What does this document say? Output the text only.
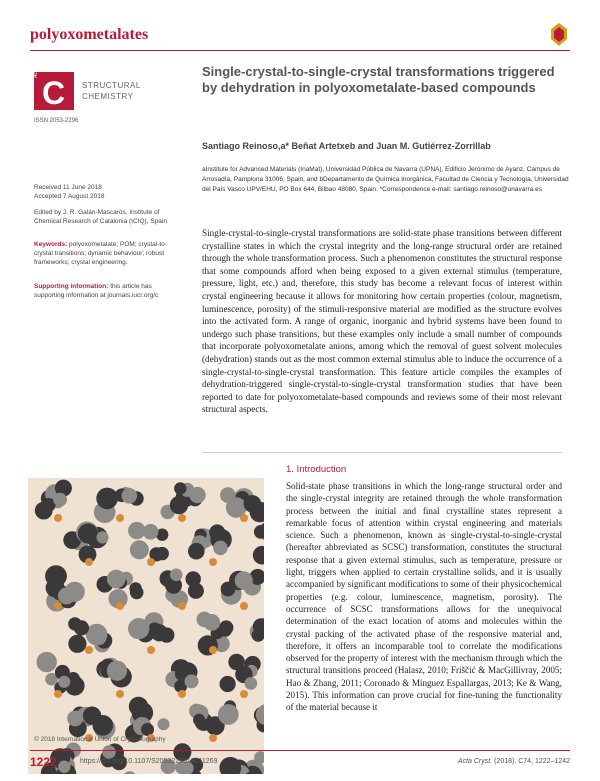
polyoxometalates
Acta Cryst
C STRUCTURAL
CHEMISTRY
ISSN 2053-2296
Single-crystal-to-single-crystal transformations triggered by dehydration in polyoxometalate-based compounds
Santiago Reinoso,a* Beñat Artetxeb and Juan M. Gutiérrez-Zorrillab
aInstitute for Advanced Materials (InaMat), Universidad Pública de Navarra (UPNA), Edificio Jerónimo de Ayanz, Campus de Arrosadía, Pamplona 31006, Spain, and bDepartamento de Química Inorgánica, Facultad de Ciencia y Tecnología, Universidad del País Vasco UPV/EHU, PO Box 644, Bilbao 48080, Spain. *Correspondence e-mail: santiago.reinoso@unavarra.es
Received 11 June 2018
Accepted 7 August 2018
Edited by J. R. Galán-Mascarós, Institute of Chemical Research of Catalonia (ICIQ), Spain
Keywords: polyoxometalate; POM; crystal-to-crystal transitions; dynamic behaviour; robust frameworks; crystal engineering.
Supporting information: this article has supporting information at journals.iucr.org/c
Single-crystal-to-single-crystal transformations are solid-state phase transitions between different crystalline states in which the crystal integrity and the long-range structural order are retained through the whole transformation process. Such a phenomenon constitutes the structural response that some compounds afford when being exposed to a given external stimulus (temperature, pressure, light, etc.) and, therefore, this study has become a relevant focus of interest within crystal engineering because it allows for monitoring how certain properties (colour, magnetism, luminescence, porosity) of the stimuli-responsive material are modified as the structure evolves into the activated form. A range of organic, inorganic and hybrid systems have been found to undergo such phase transitions, but these examples only include a small number of compounds that incorporate polyoxometalate anions, among which the removal of guest solvent molecules (dehydration) stands out as the most common external stimulus able to induce the occurrence of a single-crystal-to-single-crystal transformation. This feature article compiles the examples of dehydration-triggered single-crystal-to-single-crystal transformation studies that have been reported to date for polyoxometalate-based compounds and reviews some of their most relevant structural aspects.
1. Introduction
Solid-state phase transitions in which the long-range structural order and the single-crystal integrity are retained through the whole transformation process between the initial and final crystalline states represent a remarkable focus of attention within crystal engineering and materials science. Such a phenomenon, known as single-crystal-to-single-crystal (hereafter abbreviated as SCSC) transformation, constitutes the structural response that a given external stimulus, such as temperature, pressure or light, triggers when applied to certain crystalline solids, and it is usually accompanied by significant modifications to some of their physicochemical properties (e.g. colour, luminescence, magnetism, porosity). The occurrence of SCSC transformations allows for the unequivocal determination of the exact location of atoms and molecules within the crystal packing of the activated phase of the responsive material and, therefore, it offers an incomparable tool to correlate the modifications observed for the property of interest with the mechanism through which the structural transitions proceed (Halasz, 2010; Friščić & MacGillivray, 2005; Hao & Zhang, 2011; Coronado & Mínguez Espallargas, 2013; Ke & Wang, 2015). This information can prove crucial for fine-tuning the functionality of the material because it
© 2018 International Union of Crystallography
1222	https://doi.org/10.1107/S2053229618011269	Acta Cryst. (2018). C74, 1222–1242
